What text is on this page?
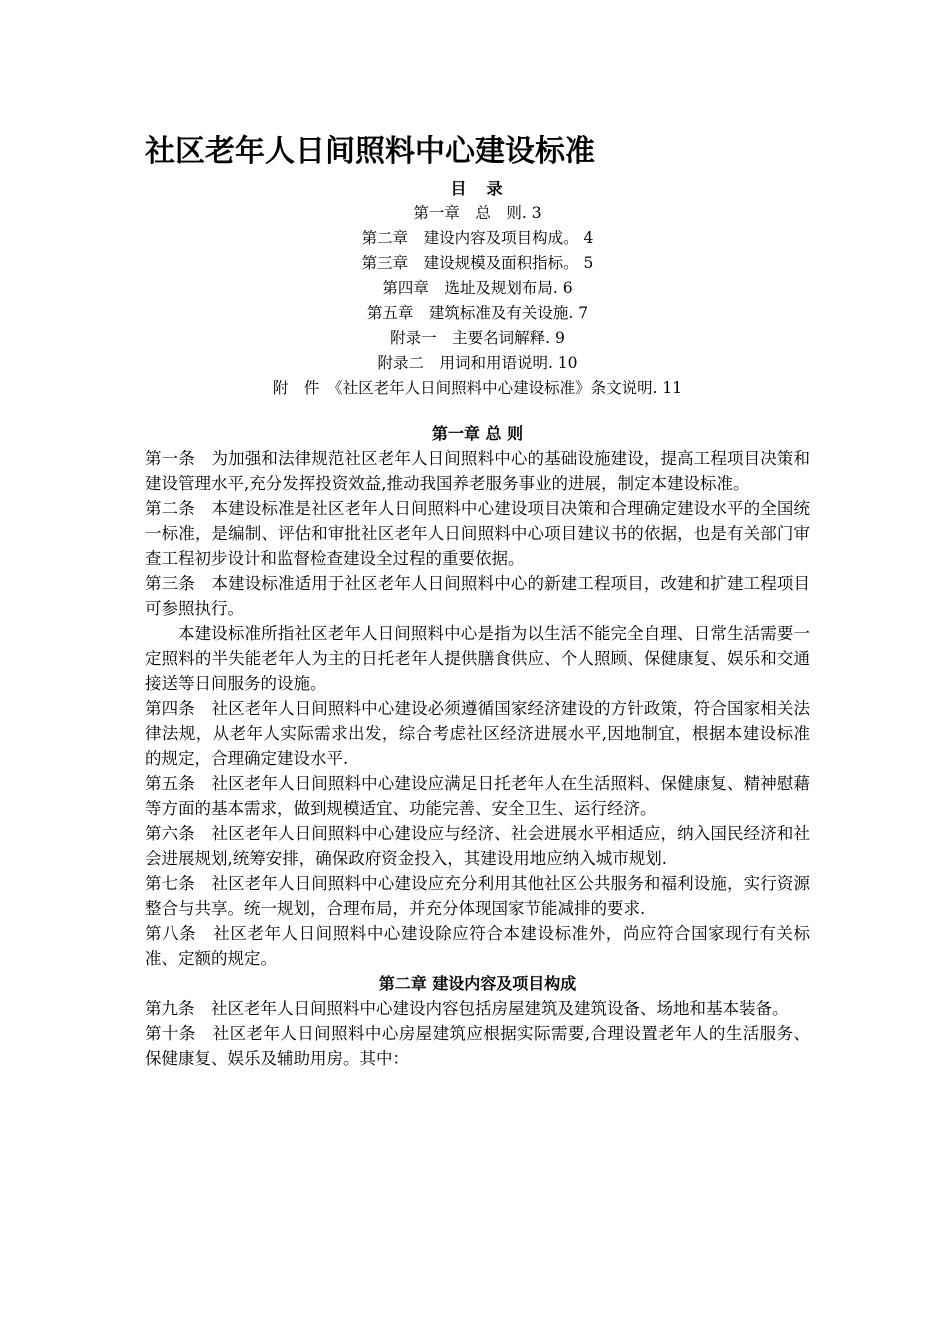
社区老年人日间照料中心建设标准
目　录
第一章　总　则. 3
第二章　建设内容及项目构成。 4
第三章　建设规模及面积指标。 5
第四章　选址及规划布局. 6
第五章　建筑标准及有关设施. 7
附录一　主要名词解释. 9
附录二　用词和用语说明. 10
附　件　《社区老年人日间照料中心建设标准》条文说明. 11
第一章 总 则

第一条　为加强和法律规范社区老年人日间照料中心的基础设施建设，提高工程项目决策和建设管理水平,充分发挥投资效益,推动我国养老服务事业的进展，制定本建设标准。

第二条　本建设标准是社区老年人日间照料中心建设项目决策和合理确定建设水平的全国统一标准，是编制、评估和审批社区老年人日间照料中心项目建议书的依据，也是有关部门审查工程初步设计和监督检查建设全过程的重要依据。

第三条　本建设标准适用于社区老年人日间照料中心的新建工程项目，改建和扩建工程项目可参照执行。

本建设标准所指社区老年人日间照料中心是指为以生活不能完全自理、日常生活需要一定照料的半失能老年人为主的日托老年人提供膳食供应、个人照顾、保健康复、娱乐和交通接送等日间服务的设施。

第四条　社区老年人日间照料中心建设必须遵循国家经济建设的方针政策，符合国家相关法律法规，从老年人实际需求出发，综合考虑社区经济进展水平,因地制宜，根据本建设标准的规定，合理确定建设水平.

第五条　社区老年人日间照料中心建设应满足日托老年人在生活照料、保健康复、精神慰藉等方面的基本需求，做到规模适宜、功能完善、安全卫生、运行经济。

第六条　社区老年人日间照料中心建设应与经济、社会进展水平相适应，纳入国民经济和社会进展规划,统筹安排，确保政府资金投入，其建设用地应纳入城市规划.

第七条　社区老年人日间照料中心建设应充分利用其他社区公共服务和福利设施，实行资源整合与共享。统一规划，合理布局，并充分体现国家节能减排的要求.

第八条　社区老年人日间照料中心建设除应符合本建设标准外，尚应符合国家现行有关标准、定额的规定。

第二章 建设内容及项目构成

第九条　社区老年人日间照料中心建设内容包括房屋建筑及建筑设备、场地和基本装备。

第十条　社区老年人日间照料中心房屋建筑应根据实际需要,合理设置老年人的生活服务、保健康复、娱乐及辅助用房。其中：
